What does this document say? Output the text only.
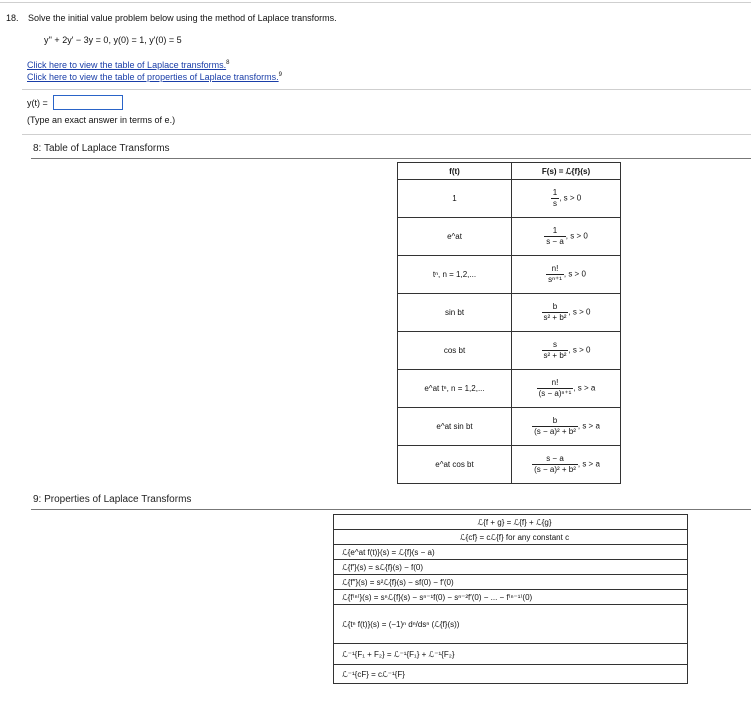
18. Solve the initial value problem below using the method of Laplace transforms.
y'' + 2y' − 3y = 0, y(0) = 1, y'(0) = 5
Click here to view the table of Laplace transforms.$^8$
Click here to view the table of properties of Laplace transforms.$^9$
y(t) =
(Type an exact answer in terms of e.)
8: Table of Laplace Transforms
f(t)	F(s) = ℒ{f}(s)
1	$\frac{1}{s}$ , s > 0
e^at	$\frac{1}{s - a}$ , s > 0
tⁿ, n = 1,2,...	$\frac{n!}{\text{sⁿ⁺¹}}$ , s > 0
sin bt	$\frac{b}{\text{s² + b²}}$ , s > 0
cos bt	$\frac{s}{\text{s² + b²}}$ , s > 0
e^at tⁿ, n = 1,2,...	$\frac{n!}{\text{(s − a)ⁿ⁺¹}}$ , s > a
e^at sin bt	$\frac{b}{\text{(s − a)² + b²}}$ , s > a
e^at cos bt	$\frac{s - a}{\text{(s − a)² + b²}}$ , s > a
9: Properties of Laplace Transforms
ℒ{f + g} = ℒ{f} + ℒ{g}
ℒ{cf} = cℒ{f} for any constant c
ℒ{e^at f(t)}(s) = ℒ{f}(s − a)
ℒ{f′}(s) = sℒ{f}(s) − f(0)
ℒ{f″}(s) = s²ℒ{f}(s) − sf(0) − f′(0)
ℒ{f⁽ⁿ⁾}(s) = sⁿℒ{f}(s) − sⁿ⁻¹f(0) − sⁿ⁻²f′(0) − ... − f⁽ⁿ⁻¹⁾(0)
ℒ{tⁿ f(t)}(s) = (−1)ⁿ dⁿ/dsⁿ (ℒ{f}(s))
ℒ⁻¹{F₁ + F₂} = ℒ⁻¹{F₁} + ℒ⁻¹{F₂}
ℒ⁻¹{cF} = cℒ⁻¹{F}
